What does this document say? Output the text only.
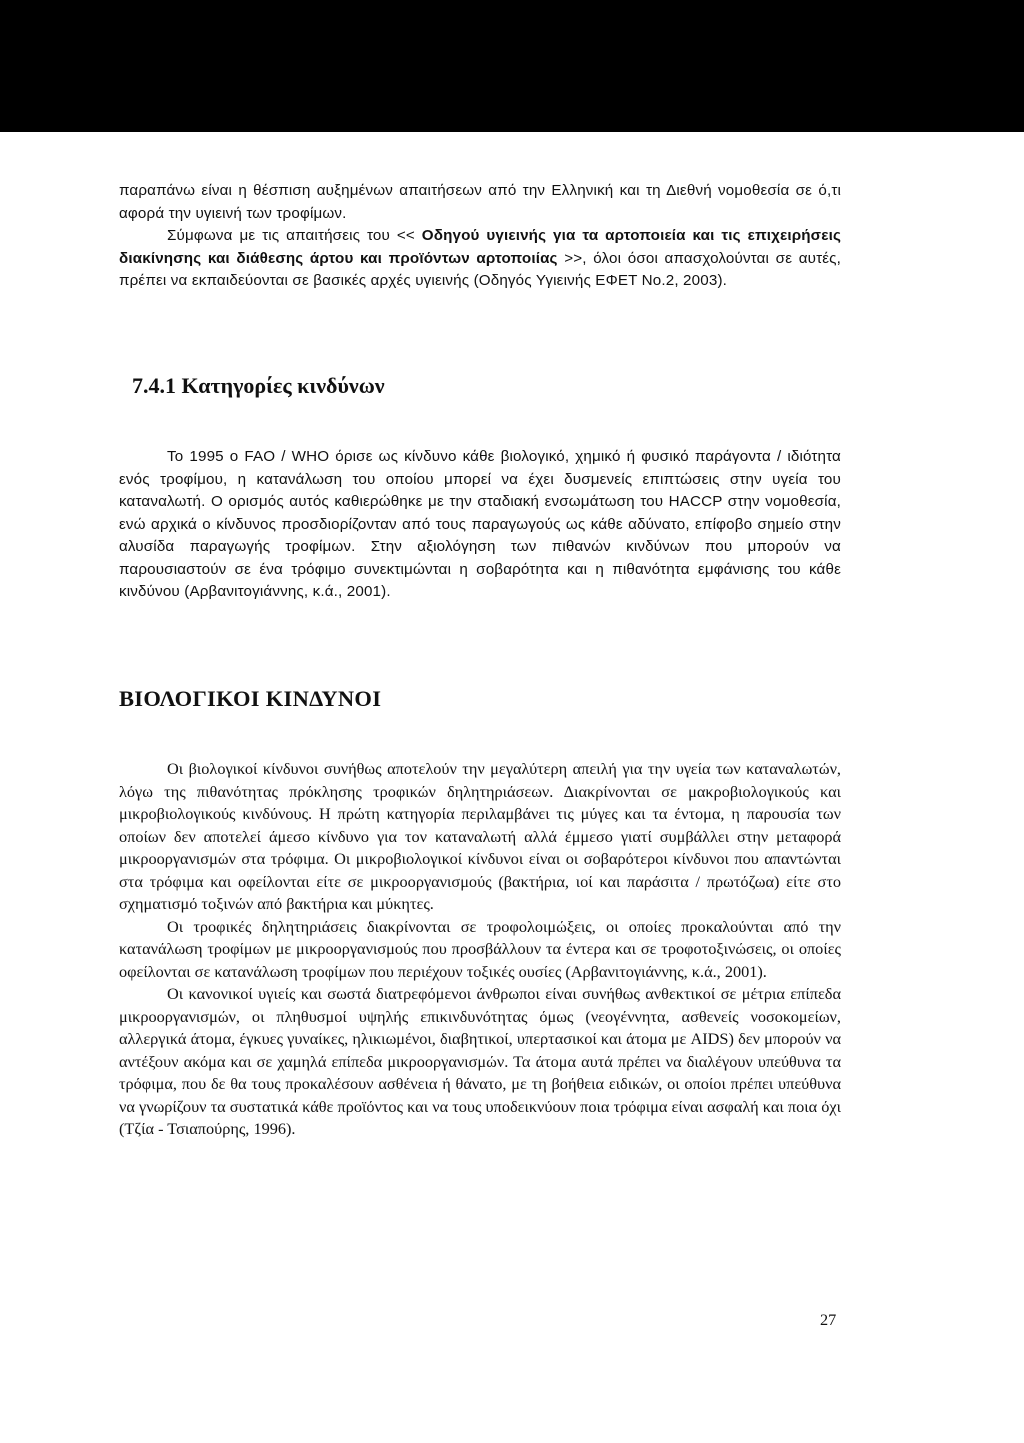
παραπάνω είναι η θέσπιση αυξημένων απαιτήσεων από την Ελληνική και τη Διεθνή νομοθεσία σε ό,τι αφορά την υγιεινή των τροφίμων.

Σύμφωνα με τις απαιτήσεις του << Οδηγού υγιεινής για τα αρτοποιεία και τις επιχειρήσεις διακίνησης και διάθεσης άρτου και προϊόντων αρτοποιίας >>, όλοι όσοι απασχολούνται σε αυτές, πρέπει να εκπαιδεύονται σε βασικές αρχές υγιεινής (Οδηγός Υγιεινής ΕΦΕΤ Νο.2, 2003).

7.4.1 Κατηγορίες κινδύνων

Το 1995 ο FAO / WHO όρισε ως κίνδυνο κάθε βιολογικό, χημικό ή φυσικό παράγοντα / ιδιότητα ενός τροφίμου, η κατανάλωση του οποίου μπορεί να έχει δυσμενείς επιπτώσεις στην υγεία του καταναλωτή. Ο ορισμός αυτός καθιερώθηκε με την σταδιακή ενσωμάτωση του HACCP στην νομοθεσία, ενώ αρχικά ο κίνδυνος προσδιορίζονταν από τους παραγωγούς ως κάθε αδύνατο, επίφοβο σημείο στην αλυσίδα παραγωγής τροφίμων. Στην αξιολόγηση των πιθανών κινδύνων που μπορούν να παρουσιαστούν σε ένα τρόφιμο συνεκτιμώνται η σοβαρότητα και η πιθανότητα εμφάνισης του κάθε κινδύνου (Αρβανιτογιάννης, κ.ά., 2001).

ΒΙΟΛΟΓΙΚΟΙ ΚΙΝΔΥΝΟΙ

Οι βιολογικοί κίνδυνοι συνήθως αποτελούν την μεγαλύτερη απειλή για την υγεία των καταναλωτών, λόγω της πιθανότητας πρόκλησης τροφικών δηλητηριάσεων. Διακρίνονται σε μακροβιολογικούς και μικροβιολογικούς κινδύνους. Η πρώτη κατηγορία περιλαμβάνει τις μύγες και τα έντομα, η παρουσία των οποίων δεν αποτελεί άμεσο κίνδυνο για τον καταναλωτή αλλά έμμεσο γιατί συμβάλλει στην μεταφορά μικροοργανισμών στα τρόφιμα. Οι μικροβιολογικοί κίνδυνοι είναι οι σοβαρότεροι κίνδυνοι που απαντώνται στα τρόφιμα και οφείλονται είτε σε μικροοργανισμούς (βακτήρια, ιοί και παράσιτα / πρωτόζωα) είτε στο σχηματισμό τοξινών από βακτήρια και μύκητες.

Οι τροφικές δηλητηριάσεις διακρίνονται σε τροφολοιμώξεις, οι οποίες προκαλούνται από την κατανάλωση τροφίμων με μικροοργανισμούς που προσβάλλουν τα έντερα και σε τροφοτοξινώσεις, οι οποίες οφείλονται σε κατανάλωση τροφίμων που περιέχουν τοξικές ουσίες (Αρβανιτογιάννης, κ.ά., 2001).

Οι κανονικοί υγιείς και σωστά διατρεφόμενοι άνθρωποι είναι συνήθως ανθεκτικοί σε μέτρια επίπεδα μικροοργανισμών, οι πληθυσμοί υψηλής επικινδυνότητας όμως (νεογέννητα, ασθενείς νοσοκομείων, αλλεργικά άτομα, έγκυες γυναίκες, ηλικιωμένοι, διαβητικοί, υπερτασικοί και άτομα με AIDS) δεν μπορούν να αντέξουν ακόμα και σε χαμηλά επίπεδα μικροοργανισμών. Τα άτομα αυτά πρέπει να διαλέγουν υπεύθυνα τα τρόφιμα, που δε θα τους προκαλέσουν ασθένεια ή θάνατο, με τη βοήθεια ειδικών, οι οποίοι πρέπει υπεύθυνα να γνωρίζουν τα συστατικά κάθε προϊόντος και να τους υποδεικνύουν ποια τρόφιμα είναι ασφαλή και ποια όχι (Τζία - Τσιαπούρης, 1996).

27
